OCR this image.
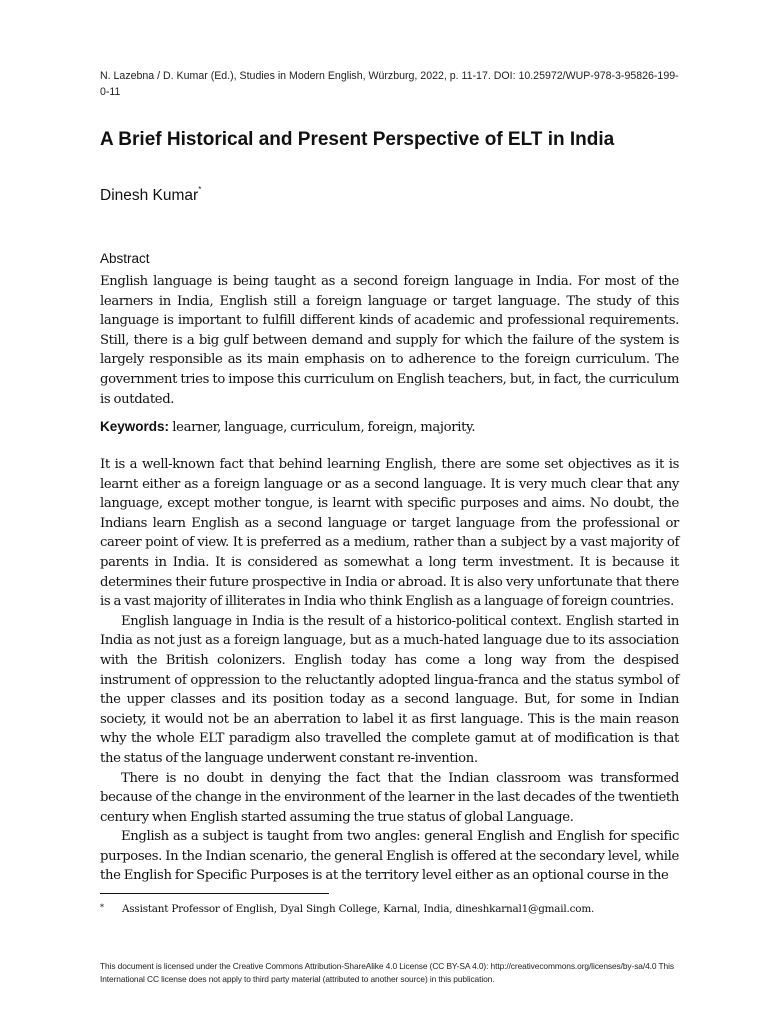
N. Lazebna / D. Kumar (Ed.), Studies in Modern English, Würzburg, 2022, p. 11-17. DOI: 10.25972/WUP-978-3-95826-199-0-11
A Brief Historical and Present Perspective of ELT in India
Dinesh Kumar*
Abstract

English language is being taught as a second foreign language in India. For most of the learners in India, English still a foreign language or target language. The study of this language is important to fulfill different kinds of academic and professional requirements. Still, there is a big gulf between demand and supply for which the failure of the system is largely responsible as its main emphasis on to adherence to the foreign curriculum. The government tries to impose this curriculum on English teachers, but, in fact, the curriculum is outdated.

Keywords: learner, language, curriculum, foreign, majority.

It is a well-known fact that behind learning English, there are some set objectives as it is learnt either as a foreign language or as a second language. It is very much clear that any language, except mother tongue, is learnt with specific purposes and aims. No doubt, the Indians learn English as a second language or target language from the professional or career point of view. It is preferred as a medium, rather than a subject by a vast majority of parents in India. It is considered as somewhat a long term investment. It is because it determines their future prospective in India or abroad. It is also very unfortunate that there is a vast majority of illiterates in India who think English as a language of foreign countries.

English language in India is the result of a historico-political context. English started in India as not just as a foreign language, but as a much-hated language due to its association with the British colonizers. English today has come a long way from the despised instrument of oppression to the reluctantly adopted lingua-franca and the status symbol of the upper classes and its position today as a second language. But, for some in Indian society, it would not be an aberration to label it as first language. This is the main reason why the whole ELT paradigm also travelled the complete gamut at of modification is that the status of the language underwent constant re-invention.

There is no doubt in denying the fact that the Indian classroom was transformed because of the change in the environment of the learner in the last decades of the twentieth century when English started assuming the true status of global Language.

English as a subject is taught from two angles: general English and English for specific purposes. In the Indian scenario, the general English is offered at the secondary level, while the English for Specific Purposes is at the territory level either as an optional course in the

* Assistant Professor of English, Dyal Singh College, Karnal, India, dineshkarnal1@gmail.com.
This document is licensed under the Creative Commons Attribution-ShareAlike 4.0 License (CC BY-SA 4.0): http://creativecommons.org/licenses/by-sa/4.0 This International CC license does not apply to third party material (attributed to another source) in this publication.
